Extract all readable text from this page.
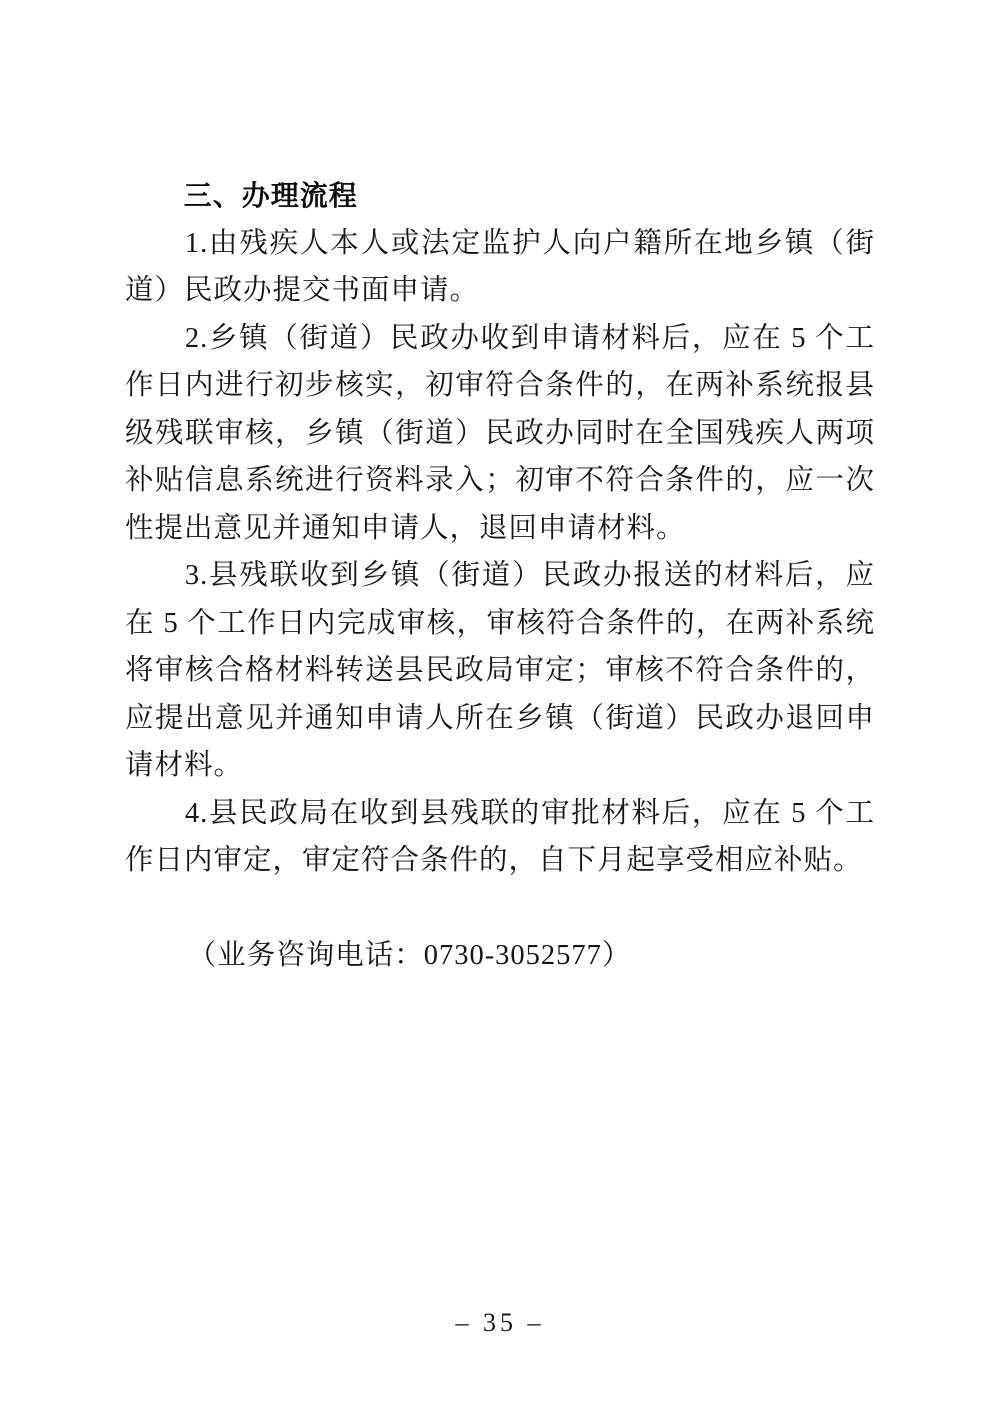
三、办理流程

1.由残疾人本人或法定监护人向户籍所在地乡镇（街道）民政办提交书面申请。

2.乡镇（街道）民政办收到申请材料后，应在 5 个工作日内进行初步核实，初审符合条件的，在两补系统报县级残联审核，乡镇（街道）民政办同时在全国残疾人两项补贴信息系统进行资料录入；初审不符合条件的，应一次性提出意见并通知申请人，退回申请材料。

3.县残联收到乡镇（街道）民政办报送的材料后，应在 5 个工作日内完成审核，审核符合条件的，在两补系统将审核合格材料转送县民政局审定；审核不符合条件的，应提出意见并通知申请人所在乡镇（街道）民政办退回申请材料。

4.县民政局在收到县残联的审批材料后，应在 5 个工作日内审定，审定符合条件的，自下月起享受相应补贴。

（业务咨询电话：0730-3052577）

– 35 –
